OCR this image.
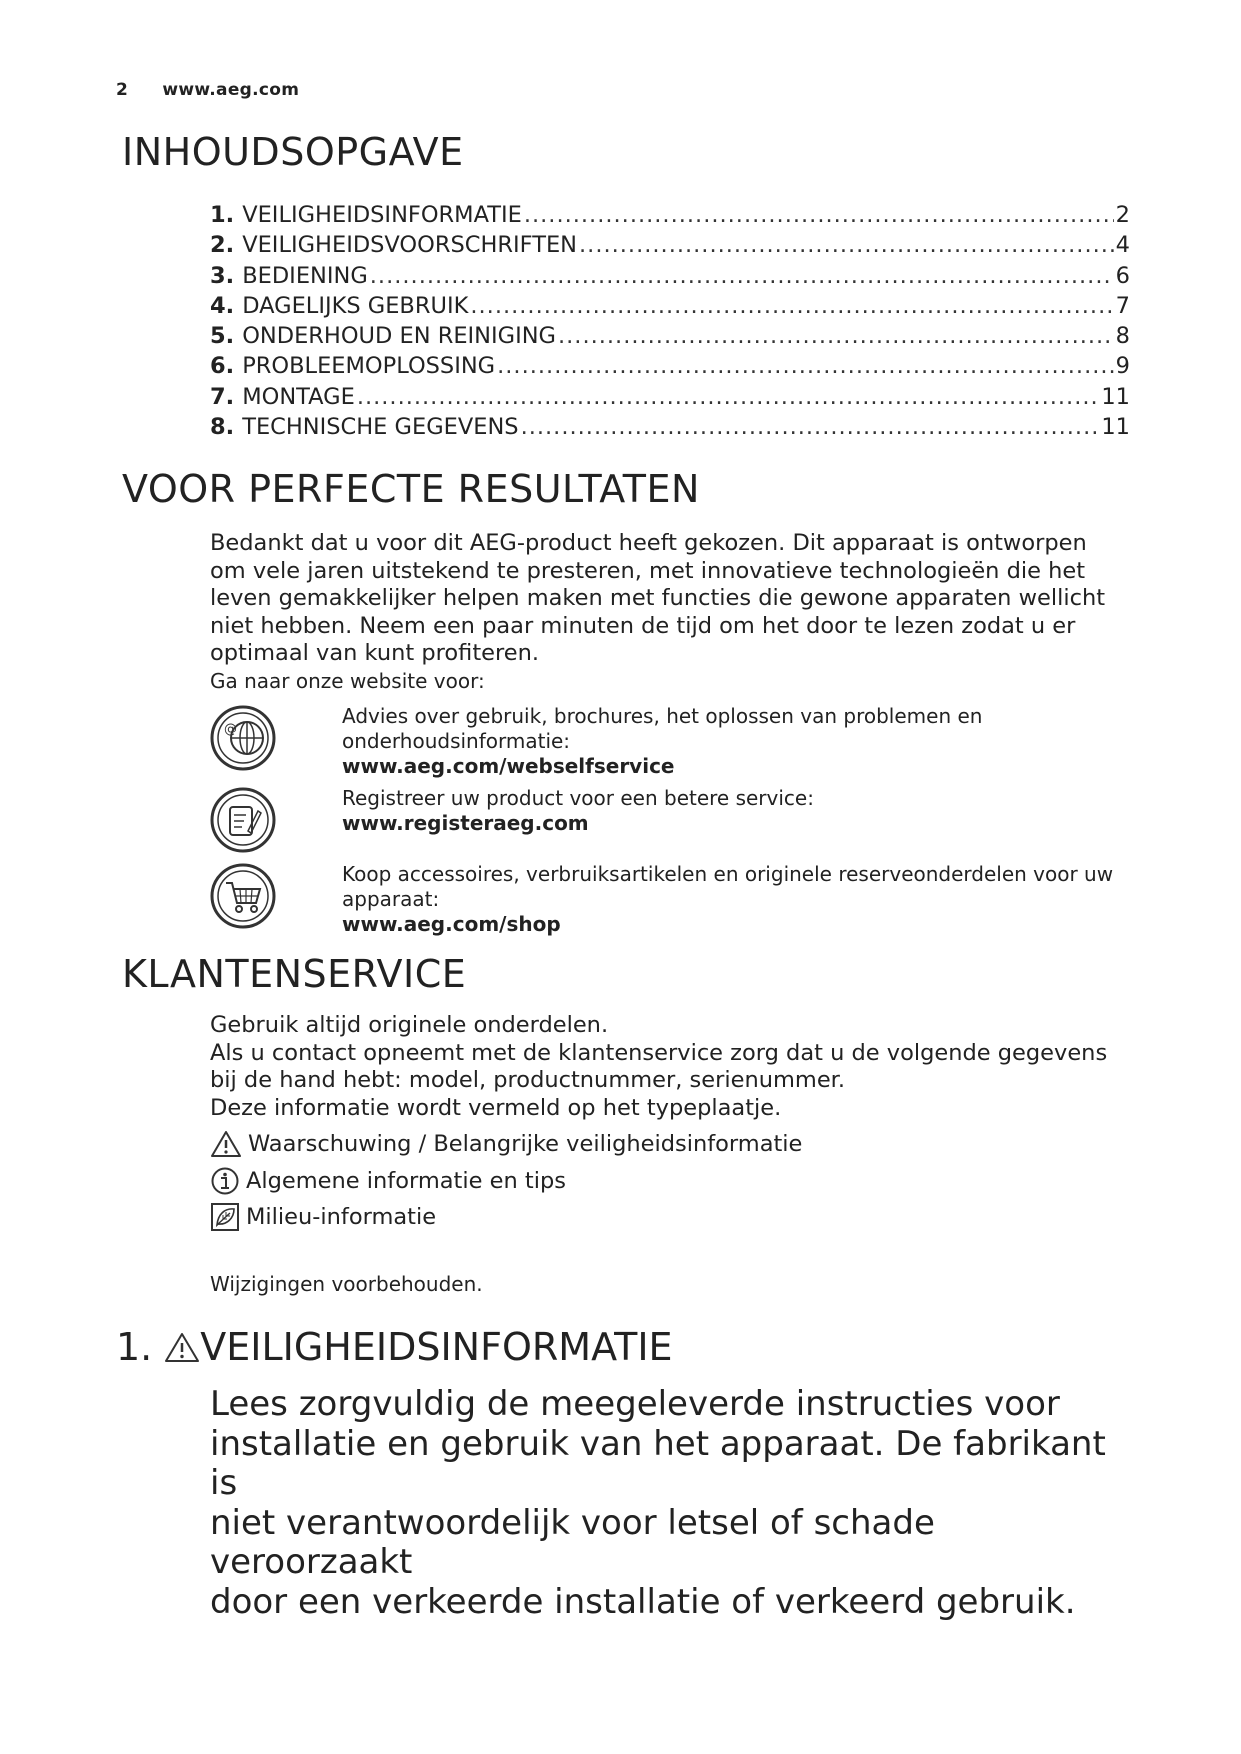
2 www.aeg.com
INHOUDSOPGAVE
1. VEILIGHEIDSINFORMATIE .....	2
2. VEILIGHEIDSVOORSCHRIFTEN .....	4
3. BEDIENING .....	6
4. DAGELIJKS GEBRUIK .....	7
5. ONDERHOUD EN REINIGING .....	8
6. PROBLEEMOPLOSSING .....	9
7. MONTAGE .....	11
8. TECHNISCHE GEGEVENS .....	11
VOOR PERFECTE RESULTATEN
Bedankt dat u voor dit AEG-product heeft gekozen. Dit apparaat is ontworpen
om vele jaren uitstekend te presteren, met innovatieve technologieën die het
leven gemakkelijker helpen maken met functies die gewone apparaten wellicht
niet hebben. Neem een paar minuten de tijd om het door te lezen zodat u er
optimaal van kunt profiteren.
Ga naar onze website voor:
@
Advies over gebruik, brochures, het oplossen van problemen en
onderhoudsinformatie:
www.aeg.com/webselfservice
Registreer uw product voor een betere service:
www.registeraeg.com
Koop accessoires, verbruiksartikelen en originele reserveonderdelen voor uw
apparaat:
www.aeg.com/shop
KLANTENSERVICE
Gebruik altijd originele onderdelen.
Als u contact opneemt met de klantenservice zorg dat u de volgende gegevens
bij de hand hebt: model, productnummer, serienummer.
Deze informatie wordt vermeld op het typeplaatje.
Waarschuwing / Belangrijke veiligheidsinformatie
Algemene informatie en tips
Milieu-informatie
Wijzigingen voorbehouden.
1. VEILIGHEIDSINFORMATIE
Lees zorgvuldig de meegeleverde instructies voor
installatie en gebruik van het apparaat. De fabrikant is
niet verantwoordelijk voor letsel of schade veroorzaakt
door een verkeerde installatie of verkeerd gebruik.
